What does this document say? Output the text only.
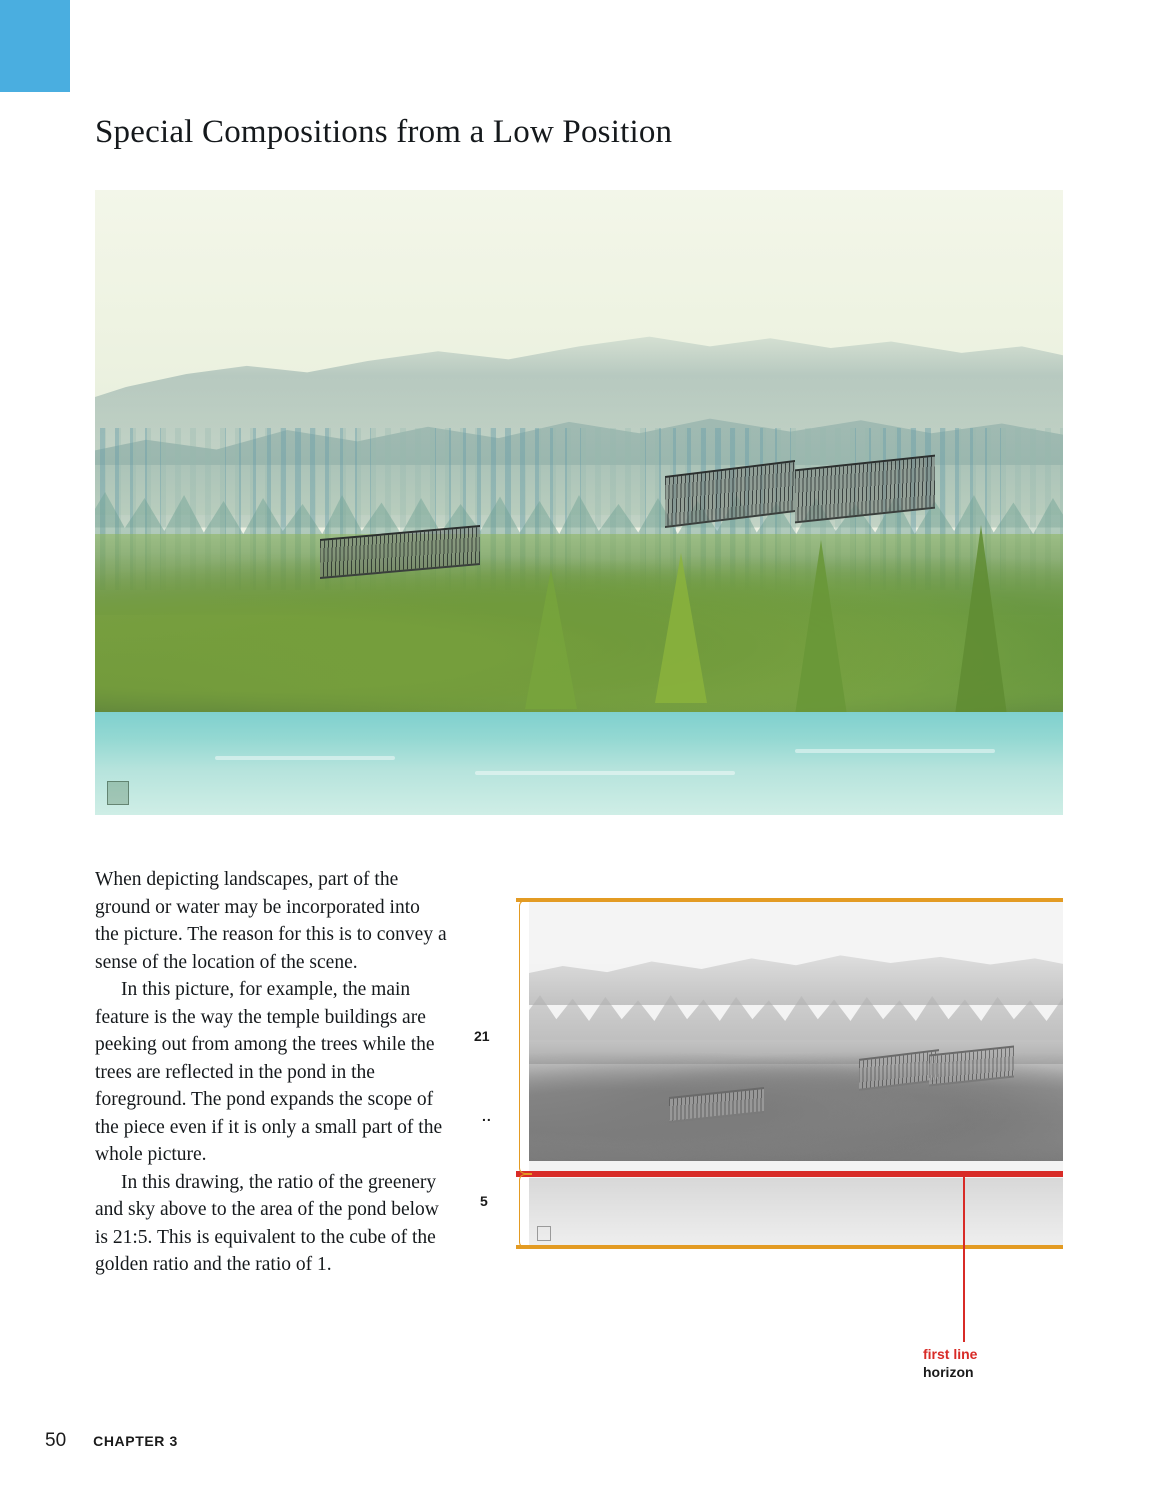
Special Compositions from a Low Position

When depicting landscapes, part of the ground or water may be incorporated into the picture. The reason for this is to convey a sense of the location of the scene.

In this picture, for example, the main feature is the way the temple buildings are peeking out from among the trees while the trees are reflected in the pond in the foreground. The pond expands the scope of the piece even if it is only a small part of the whole picture.

In this drawing, the ratio of the greenery and sky above to the area of the pond below is 21:5. This is equivalent to the cube of the golden ratio and the ratio of 1.

21
..
5
first line
horizon
50 CHAPTER 3
